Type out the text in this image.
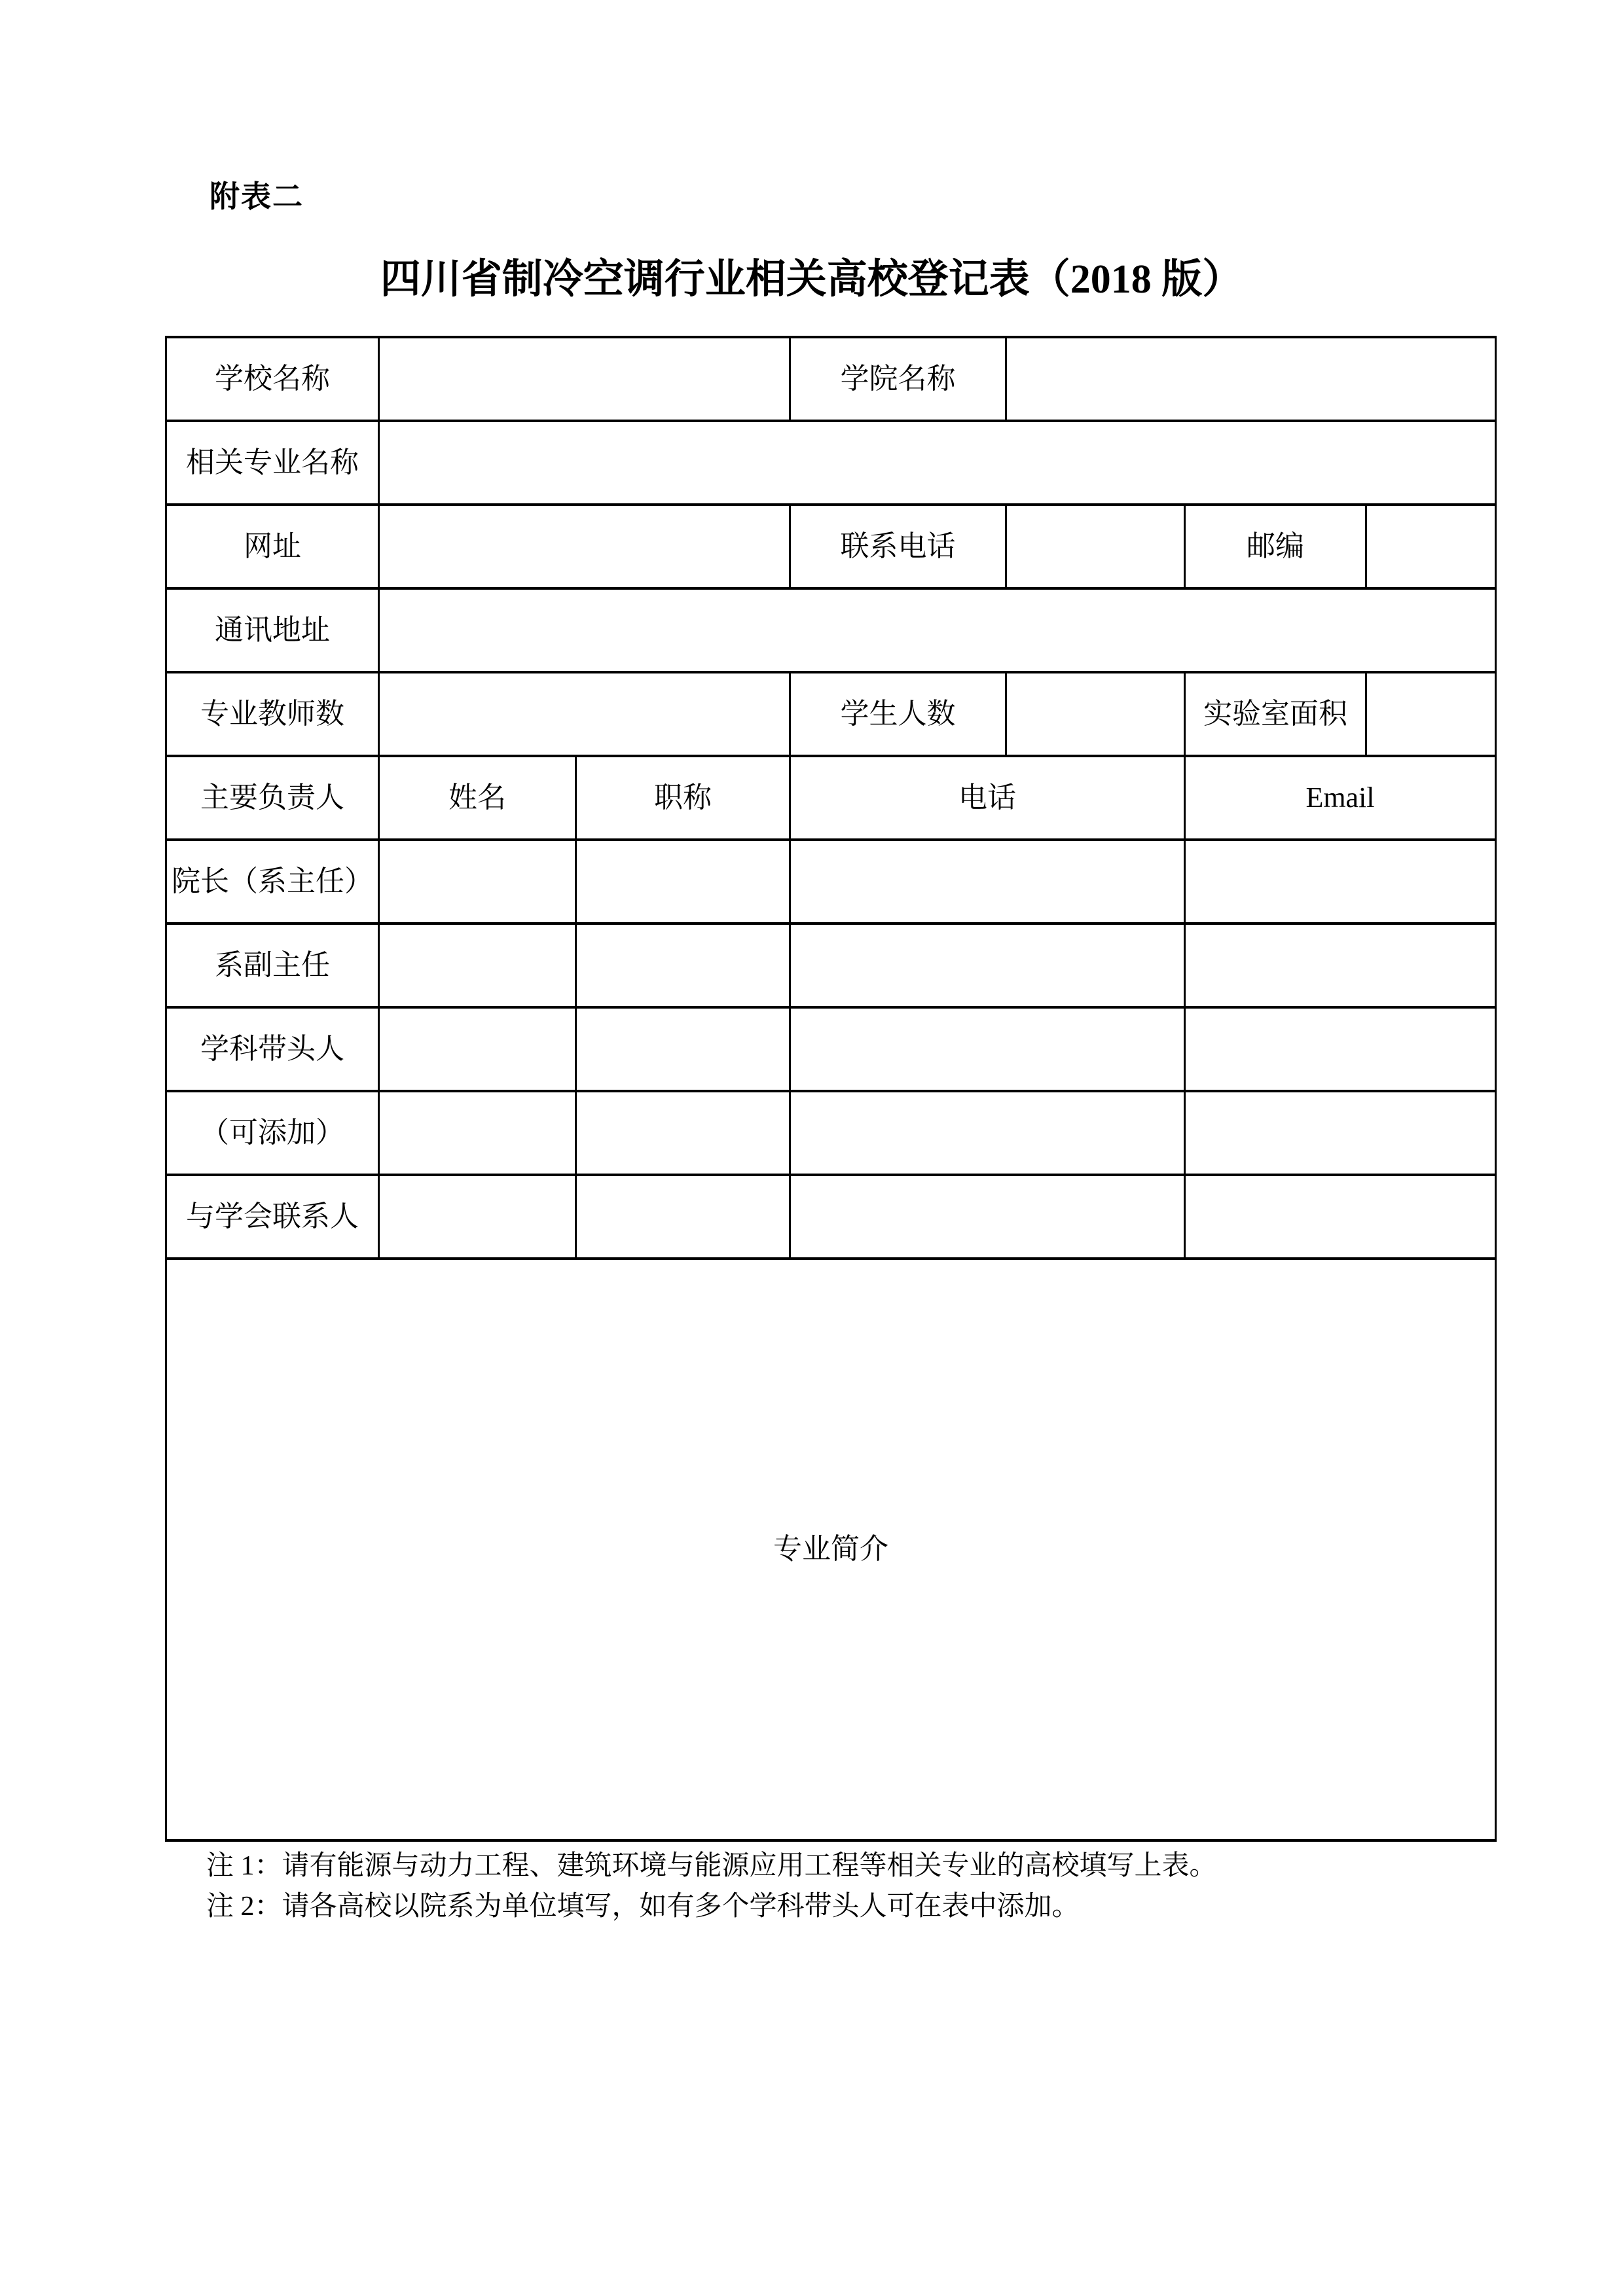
附表二
四川省制冷空调行业相关高校登记表（2018 版）
学校名称			学院名称			
相关专业名称						
网址			联系电话		邮编	
通讯地址						
专业教师数			学生人数		实验室面积	
主要负责人	姓名	职称	电话		Email	
院长（系主任）						
系副主任						
学科带头人						
（可添加）						
与学会联系人						
专业简介						
注 1：请有能源与动力工程、建筑环境与能源应用工程等相关专业的高校填写上表。
注 2：请各高校以院系为单位填写，如有多个学科带头人可在表中添加。
